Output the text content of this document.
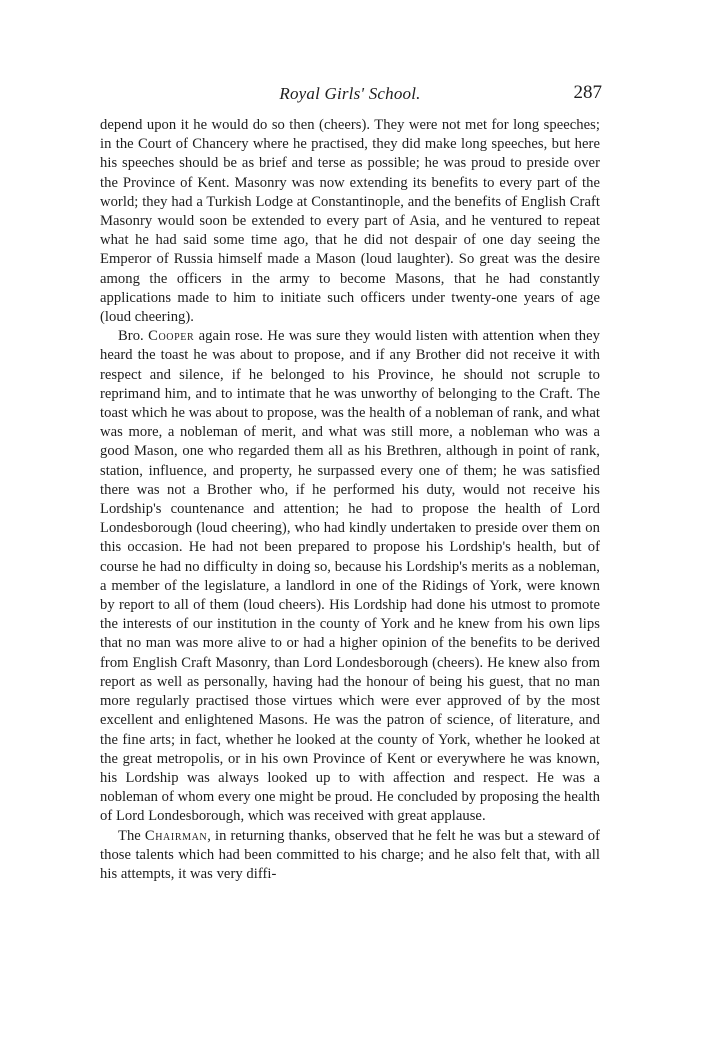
Royal Girls' School.	287

depend upon it he would do so then (cheers). They were not met for long speeches; in the Court of Chancery where he practised, they did make long speeches, but here his speeches should be as brief and terse as possible; he was proud to preside over the Province of Kent. Masonry was now extending its benefits to every part of the world; they had a Turkish Lodge at Constantinople, and the benefits of English Craft Masonry would soon be extended to every part of Asia, and he ventured to repeat what he had said some time ago, that he did not despair of one day seeing the Emperor of Russia himself made a Mason (loud laughter). So great was the desire among the officers in the army to become Masons, that he had constantly applications made to him to initiate such officers under twenty-one years of age (loud cheering).

Bro. Cooper again rose. He was sure they would listen with attention when they heard the toast he was about to propose, and if any Brother did not receive it with respect and silence, if he belonged to his Province, he should not scruple to reprimand him, and to intimate that he was unworthy of belonging to the Craft. The toast which he was about to propose, was the health of a nobleman of rank, and what was more, a nobleman of merit, and what was still more, a nobleman who was a good Mason, one who regarded them all as his Brethren, although in point of rank, station, influence, and property, he surpassed every one of them; he was satisfied there was not a Brother who, if he performed his duty, would not receive his Lordship's countenance and attention; he had to propose the health of Lord Londesborough (loud cheering), who had kindly undertaken to preside over them on this occasion. He had not been prepared to propose his Lordship's health, but of course he had no difficulty in doing so, because his Lordship's merits as a nobleman, a member of the legislature, a landlord in one of the Ridings of York, were known by report to all of them (loud cheers). His Lordship had done his utmost to promote the interests of our institution in the county of York and he knew from his own lips that no man was more alive to or had a higher opinion of the benefits to be derived from English Craft Masonry, than Lord Londesborough (cheers). He knew also from report as well as personally, having had the honour of being his guest, that no man more regularly practised those virtues which were ever approved of by the most excellent and enlightened Masons. He was the patron of science, of literature, and the fine arts; in fact, whether he looked at the county of York, whether he looked at the great metropolis, or in his own Province of Kent or everywhere he was known, his Lordship was always looked up to with affection and respect. He was a nobleman of whom every one might be proud. He concluded by proposing the health of Lord Londesborough, which was received with great applause.

The Chairman, in returning thanks, observed that he felt he was but a steward of those talents which had been committed to his charge; and he also felt that, with all his attempts, it was very diffi-
